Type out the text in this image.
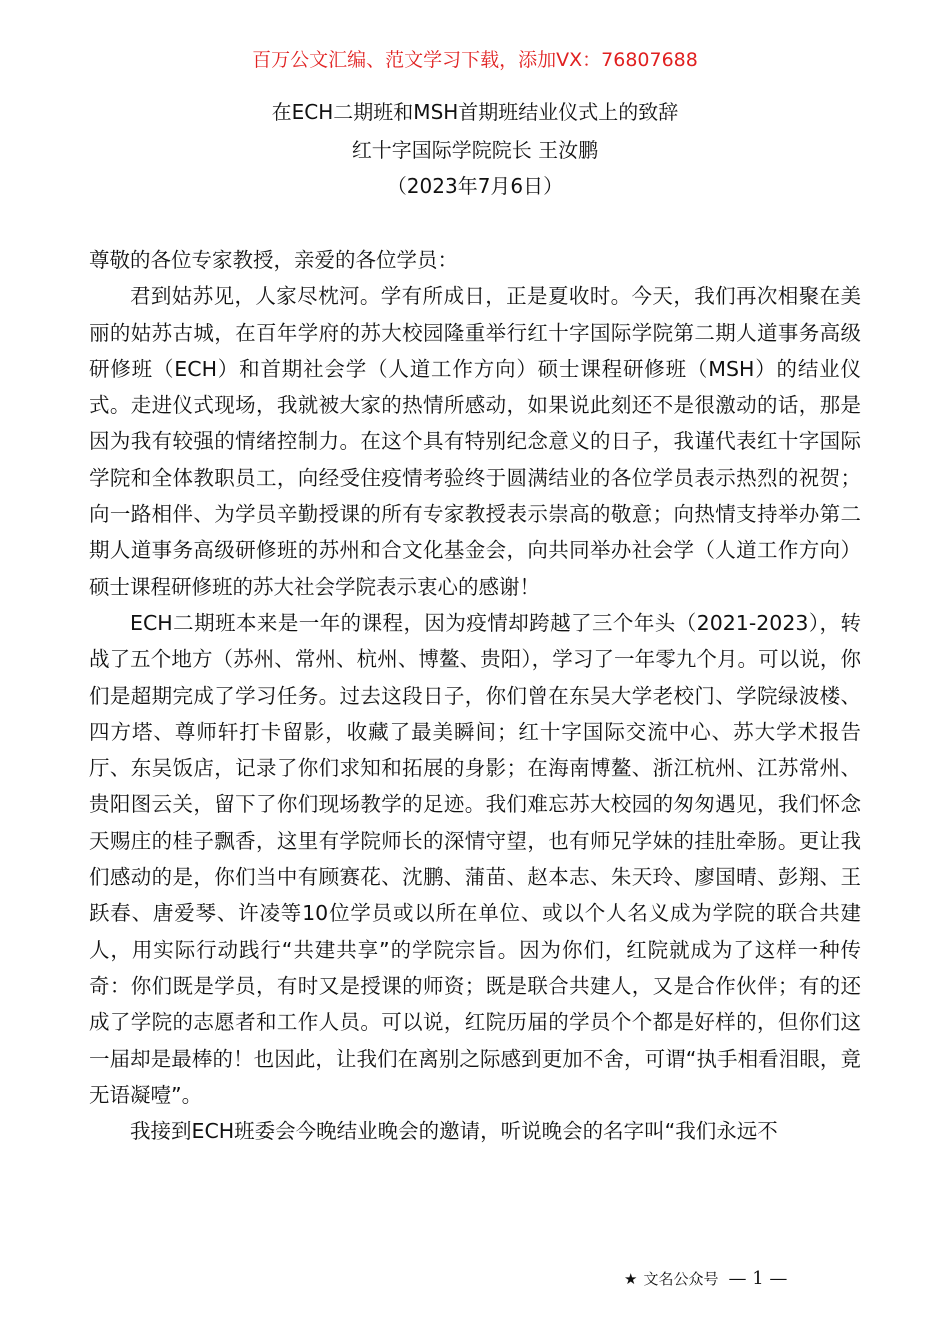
百万公文汇编、范文学习下载，添加VX：76807688
在ECH二期班和MSH首期班结业仪式上的致辞
红十字国际学院院长 王汝鹏
（2023年7月6日）

尊敬的各位专家教授，亲爱的各位学员：

君到姑苏见，人家尽枕河。学有所成日，正是夏收时。今天，我们再次相聚在美丽的姑苏古城，在百年学府的苏大校园隆重举行红十字国际学院第二期人道事务高级研修班（ECH）和首期社会学（人道工作方向）硕士课程研修班（MSH）的结业仪式。走进仪式现场，我就被大家的热情所感动，如果说此刻还不是很激动的话，那是因为我有较强的情绪控制力。在这个具有特别纪念意义的日子，我谨代表红十字国际学院和全体教职员工，向经受住疫情考验终于圆满结业的各位学员表示热烈的祝贺；向一路相伴、为学员辛勤授课的所有专家教授表示崇高的敬意；向热情支持举办第二期人道事务高级研修班的苏州和合文化基金会，向共同举办社会学（人道工作方向）硕士课程研修班的苏大社会学院表示衷心的感谢！

ECH二期班本来是一年的课程，因为疫情却跨越了三个年头（2021-2023），转战了五个地方（苏州、常州、杭州、博鳌、贵阳），学习了一年零九个月。可以说，你们是超期完成了学习任务。过去这段日子，你们曾在东吴大学老校门、学院绿波楼、四方塔、尊师轩打卡留影，收藏了最美瞬间；红十字国际交流中心、苏大学术报告厅、东吴饭店，记录了你们求知和拓展的身影；在海南博鳌、浙江杭州、江苏常州、贵阳图云关，留下了你们现场教学的足迹。我们难忘苏大校园的匆匆遇见，我们怀念天赐庄的桂子飘香，这里有学院师长的深情守望，也有师兄学妹的挂肚牵肠。更让我们感动的是，你们当中有顾赛花、沈鹏、蒲苗、赵本志、朱天玲、廖国晴、彭翔、王跃春、唐爱琴、许凌等10位学员或以所在单位、或以个人名义成为学院的联合共建人，用实际行动践行“共建共享”的学院宗旨。因为你们，红院就成为了这样一种传奇：你们既是学员，有时又是授课的师资；既是联合共建人，又是合作伙伴；有的还成了学院的志愿者和工作人员。可以说，红院历届的学员个个都是好样的，但你们这一届却是最棒的！也因此，让我们在离别之际感到更加不舍，可谓“执手相看泪眼，竟无语凝噎”。

我接到ECH班委会今晚结业晚会的邀请，听说晚会的名字叫“我们永远不

★ 文名公众号 — 1 —
